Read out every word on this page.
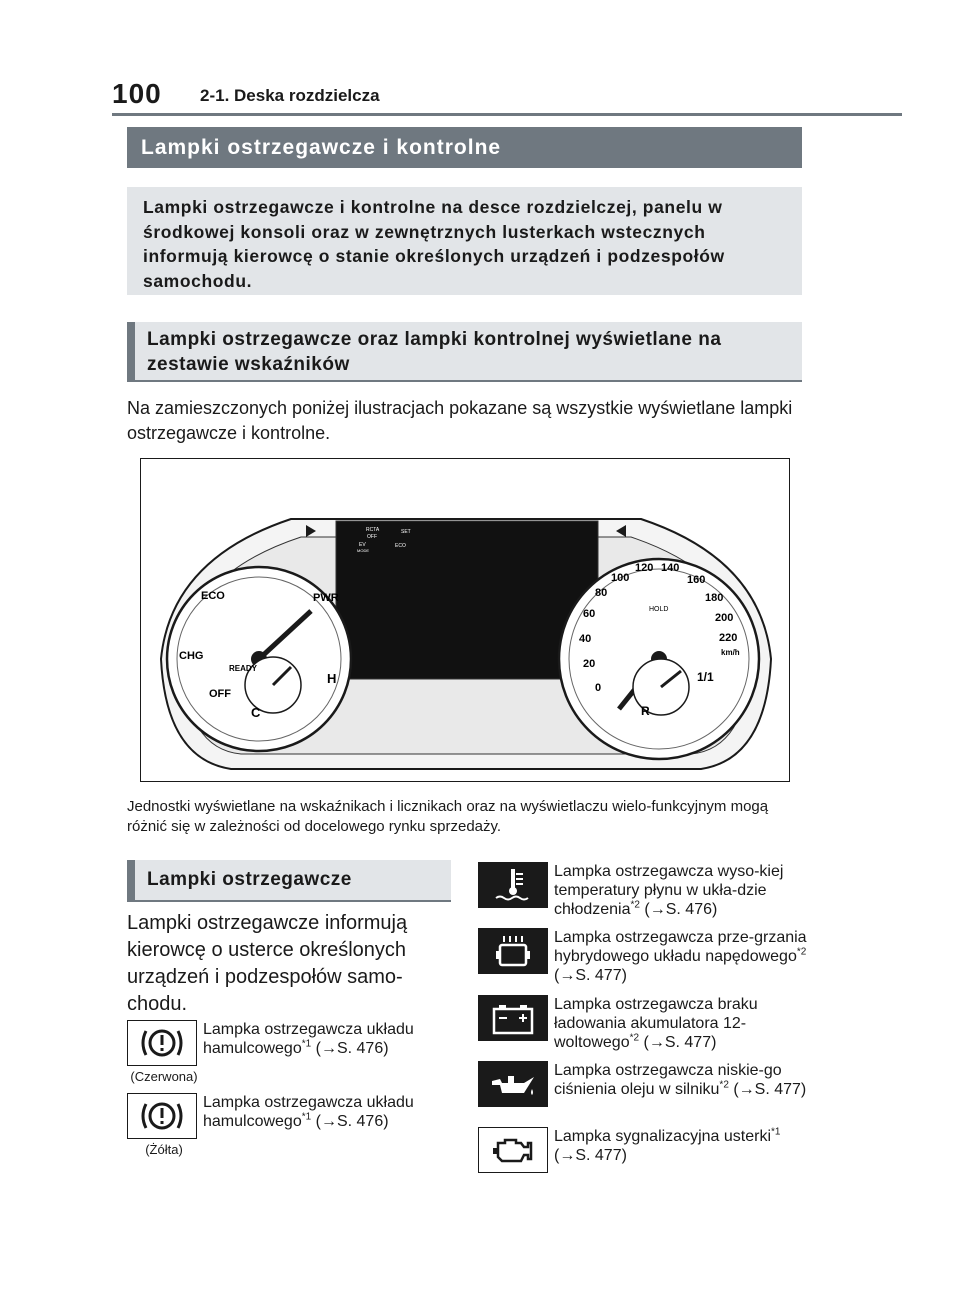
100 2-1. Deska rozdzielcza
Lampki ostrzegawcze i kontrolne
Lampki ostrzegawcze i kontrolne na desce rozdzielczej, panelu w środkowej konsoli oraz w zewnętrznych lusterkach wstecznych informują kierowcę o stanie określonych urządzeń i podzespołów samochodu.
Lampki ostrzegawcze oraz lampki kontrolnej wyświetlane na zestawie wskaźników
Na zamieszczonych poniżej ilustracjach pokazane są wszystkie wyświetlane lampki ostrzegawcze i kontrolne.
ECO	PWR
CHG
OFF
READY
C
H
0
20
40
60
80
100
120 140
160
180
200
220
km/h
HOLD
1/1
R
RCTA
OFF
EV
MODE
ECO
SET
Jednostki wyświetlane na wskaźnikach i licznikach oraz na wyświetlaczu wielo-funkcyjnym mogą różnić się w zależności od docelowego rynku sprzedaży.
Lampki ostrzegawcze
Lampki ostrzegawcze informują kierowcę o usterce określonych urządzeń i podzespołów samo-chodu.
Lampka ostrzegawcza układu hamulcowego$^{*1}$ (→S. 476)
(Czerwona)
Lampka ostrzegawcza układu hamulcowego$^{*1}$ (→S. 476)
(Żółta)
Lampka ostrzegawcza wyso-kiej temperatury płynu w ukła-dzie chłodzenia$^{*2}$ (→S. 476)
Lampka ostrzegawcza prze-grzania hybrydowego układu napędowego$^{*2}$ (→S. 477)
Lampka ostrzegawcza braku ładowania akumulatora 12-woltowego$^{*2}$ (→S. 477)
Lampka ostrzegawcza niskie-go ciśnienia oleju w silniku$^{*2}$ (→S. 477)
Lampka sygnalizacyjna usterki$^{*1}$ (→S. 477)
